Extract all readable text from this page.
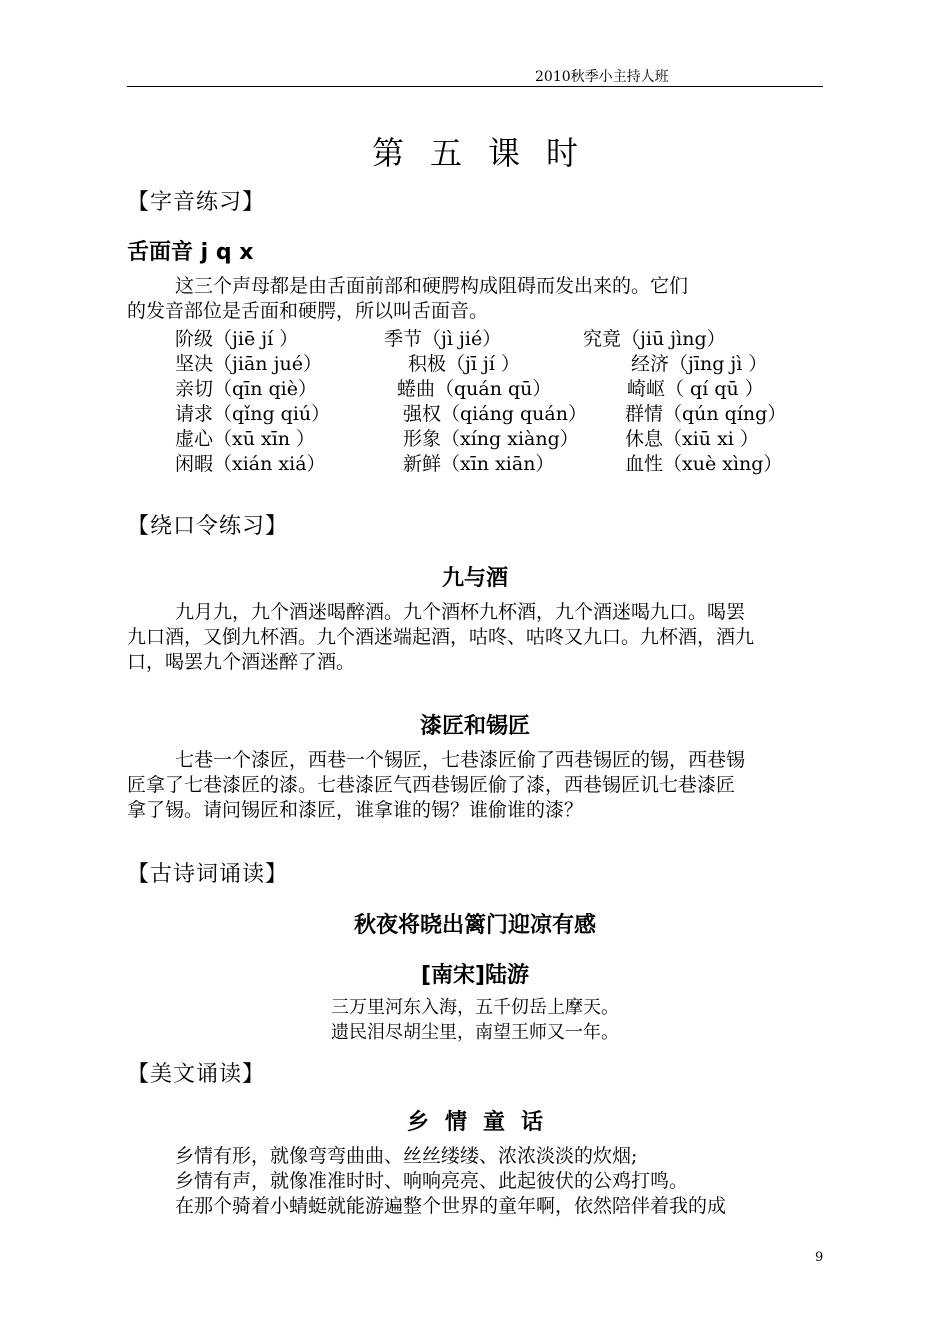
2010秋季小主持人班
第五课时
【字音练习】
舌面音 j q x
这三个声母都是由舌面前部和硬腭构成阻碍而发出来的。它们
的发音部位是舌面和硬腭，所以叫舌面音。
阶级（jiē jí ）	季节（jì jié）	究竟（jiū jìng）
坚决（jiān jué）	积极（jī jí ）	经济（jīng jì ）
亲切（qīn qiè）	蜷曲（quán qū）	崎岖（ qí qū ）
请求（qǐng qiú）	强权（qiáng quán） 群情（qún qíng）
虚心（xū xīn ）	形象（xíng xiàng） 休息（xiū xi ）
闲暇（xián xiá）	新鲜（xīn xiān）	血性（xuè xìng）
【绕口令练习】
九与酒
九月九，九个酒迷喝醉酒。九个酒杯九杯酒，九个酒迷喝九口。喝罢
九口酒，又倒九杯酒。九个酒迷端起酒，咕咚、咕咚又九口。九杯酒，酒九
口，喝罢九个酒迷醉了酒。
漆匠和锡匠
七巷一个漆匠，西巷一个锡匠，七巷漆匠偷了西巷锡匠的锡，西巷锡
匠拿了七巷漆匠的漆。七巷漆匠气西巷锡匠偷了漆，西巷锡匠讥七巷漆匠
拿了锡。请问锡匠和漆匠，谁拿谁的锡？谁偷谁的漆？
【古诗词诵读】
秋夜将晓出篱门迎凉有感
[南宋]陆游
三万里河东入海，五千仞岳上摩天。
遗民泪尽胡尘里，南望王师又一年。
【美文诵读】
乡情童话
乡情有形，就像弯弯曲曲、丝丝缕缕、浓浓淡淡的炊烟;
乡情有声，就像准准时时、响响亮亮、此起彼伏的公鸡打鸣。
在那个骑着小蜻蜓就能游遍整个世界的童年啊，依然陪伴着我的成
9
